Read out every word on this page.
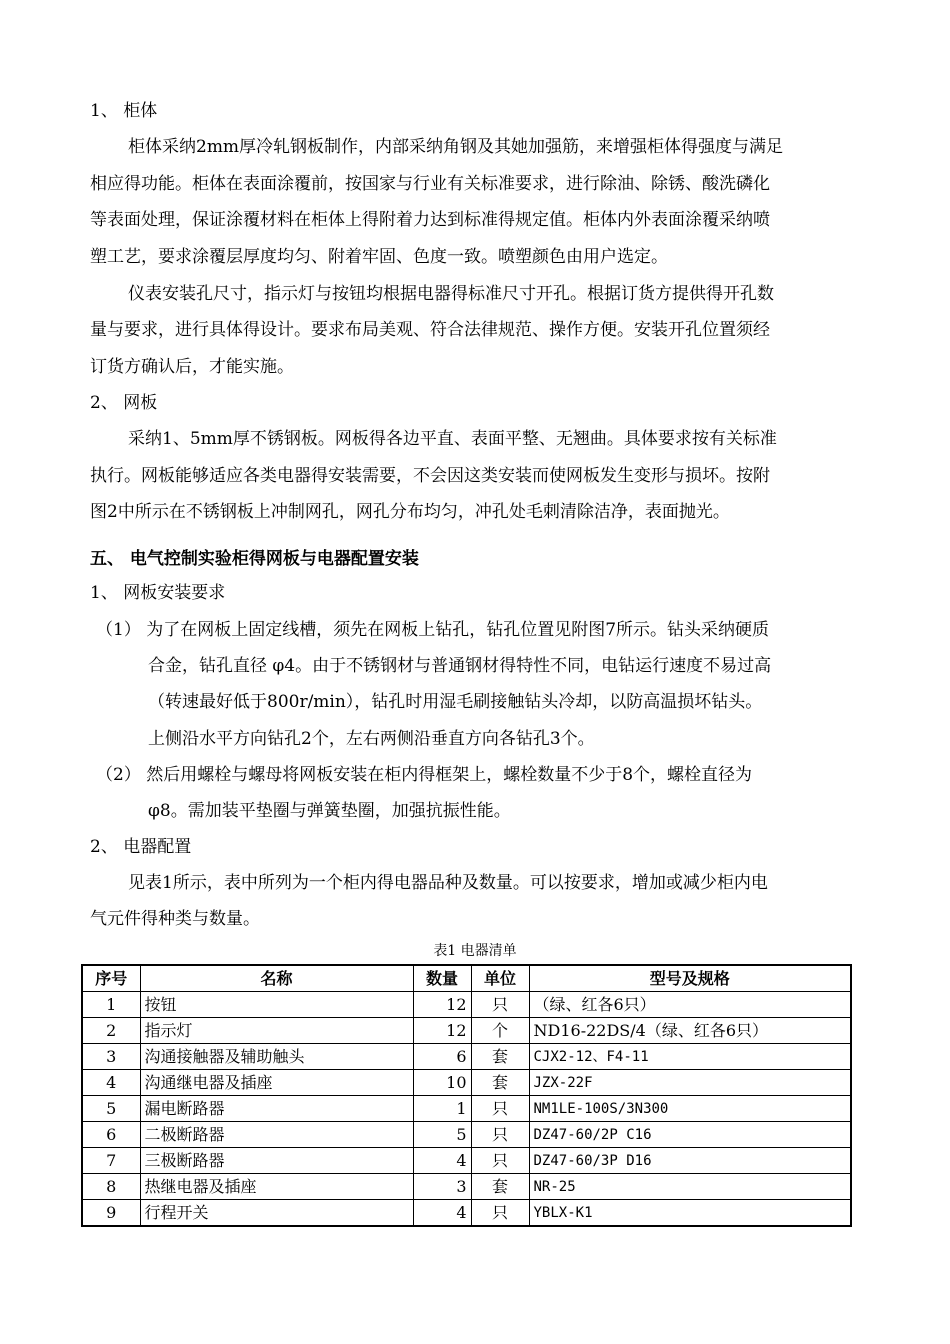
1、 柜体
柜体采纳2mm厚冷轧钢板制作，内部采纳角钢及其她加强筋，来增强柜体得强度与满足
相应得功能。柜体在表面涂覆前，按国家与行业有关标准要求，进行除油、除锈、酸洗磷化
等表面处理，保证涂覆材料在柜体上得附着力达到标准得规定值。柜体内外表面涂覆采纳喷
塑工艺，要求涂覆层厚度均匀、附着牢固、色度一致。喷塑颜色由用户选定。
仪表安装孔尺寸，指示灯与按钮均根据电器得标准尺寸开孔。根据订货方提供得开孔数
量与要求，进行具体得设计。要求布局美观、符合法律规范、操作方便。安装开孔位置须经
订货方确认后，才能实施。
2、 网板
采纳1、5mm厚不锈钢板。网板得各边平直、表面平整、无翘曲。具体要求按有关标准
执行。网板能够适应各类电器得安装需要，不会因这类安装而使网板发生变形与损坏。按附
图2中所示在不锈钢板上冲制网孔，网孔分布均匀，冲孔处毛刺清除洁净，表面抛光。
五、 电气控制实验柜得网板与电器配置安装
1、 网板安装要求
（1） 为了在网板上固定线槽，须先在网板上钻孔，钻孔位置见附图7所示。钻头采纳硬质
合金，钻孔直径 φ4。由于不锈钢材与普通钢材得特性不同，电钻运行速度不易过高
（转速最好低于800r/min），钻孔时用湿毛刷接触钻头冷却，以防高温损坏钻头。
上侧沿水平方向钻孔2个，左右两侧沿垂直方向各钻孔3个。
（2） 然后用螺栓与螺母将网板安装在柜内得框架上，螺栓数量不少于8个，螺栓直径为
φ8。需加装平垫圈与弹簧垫圈，加强抗振性能。
2、 电器配置
见表1所示，表中所列为一个柜内得电器品种及数量。可以按要求，增加或减少柜内电
气元件得种类与数量。
表1 电器清单
序号	名称	数量	单位	型号及规格
1	按钮	12	只	（绿、红各6只）
2	指示灯	12	个	ND16-22DS/4（绿、红各6只）
3	沟通接触器及辅助触头	6	套	CJX2-12、F4-11
4	沟通继电器及插座	10	套	JZX-22F
5	漏电断路器	1	只	NM1LE-100S/3N300
6	二极断路器	5	只	DZ47-60/2P C16
7	三极断路器	4	只	DZ47-60/3P D16
8	热继电器及插座	3	套	NR-25
9	行程开关	4	只	YBLX-K1
